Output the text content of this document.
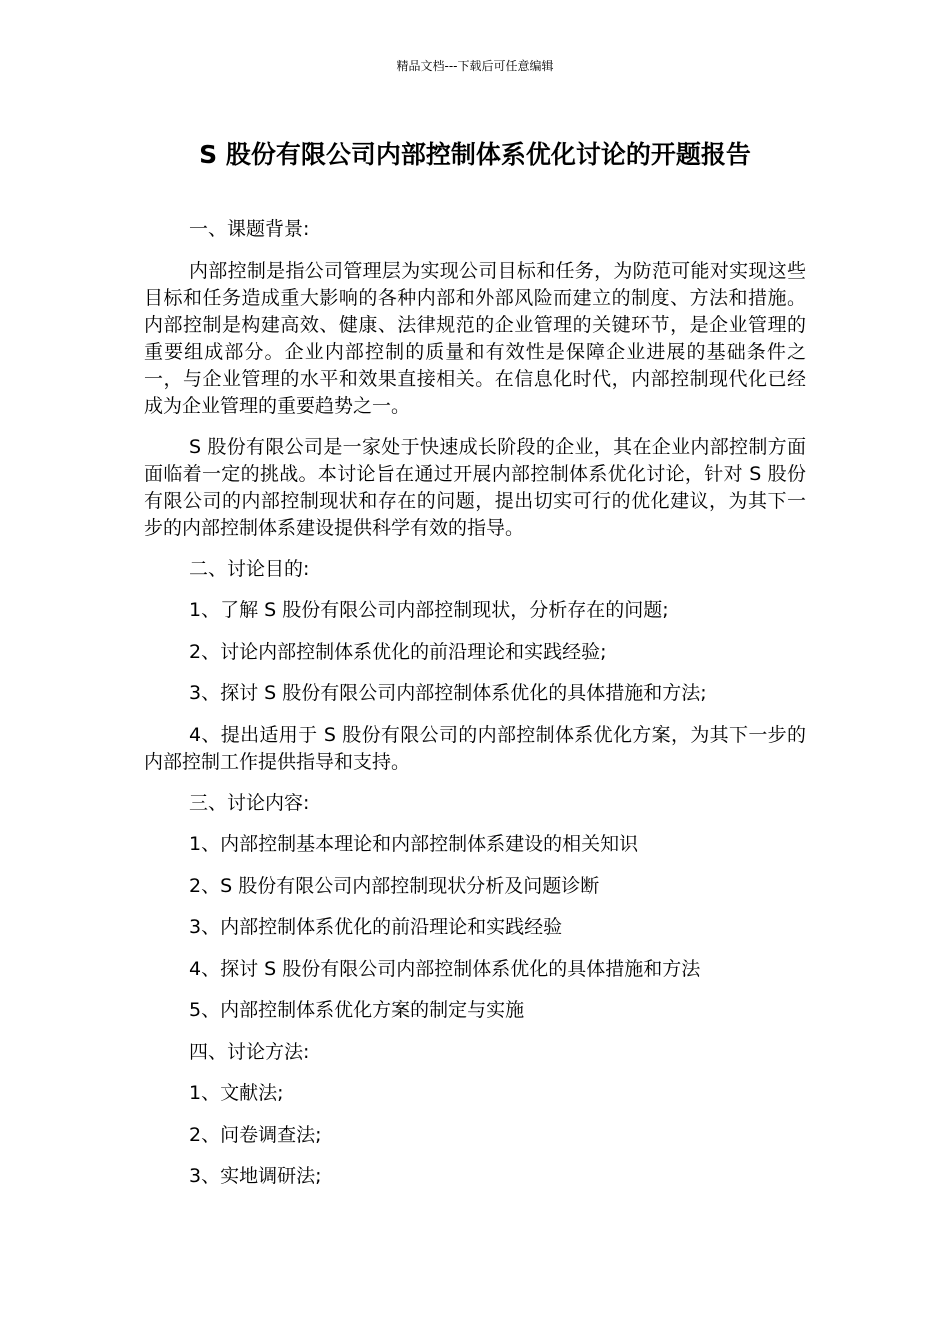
精品文档---下载后可任意编辑
S 股份有限公司内部控制体系优化讨论的开题报告

一、课题背景:

内部控制是指公司管理层为实现公司目标和任务，为防范可能对实现这些目标和任务造成重大影响的各种内部和外部风险而建立的制度、方法和措施。内部控制是构建高效、健康、法律规范的企业管理的关键环节，是企业管理的重要组成部分。企业内部控制的质量和有效性是保障企业进展的基础条件之一，与企业管理的水平和效果直接相关。在信息化时代，内部控制现代化已经成为企业管理的重要趋势之一。

S 股份有限公司是一家处于快速成长阶段的企业，其在企业内部控制方面面临着一定的挑战。本讨论旨在通过开展内部控制体系优化讨论，针对 S 股份有限公司的内部控制现状和存在的问题，提出切实可行的优化建议，为其下一步的内部控制体系建设提供科学有效的指导。

二、讨论目的:

1、了解 S 股份有限公司内部控制现状，分析存在的问题;

2、讨论内部控制体系优化的前沿理论和实践经验;

3、探讨 S 股份有限公司内部控制体系优化的具体措施和方法;

4、提出适用于 S 股份有限公司的内部控制体系优化方案，为其下一步的内部控制工作提供指导和支持。

三、讨论内容:

1、内部控制基本理论和内部控制体系建设的相关知识

2、S 股份有限公司内部控制现状分析及问题诊断

3、内部控制体系优化的前沿理论和实践经验

4、探讨 S 股份有限公司内部控制体系优化的具体措施和方法

5、内部控制体系优化方案的制定与实施

四、讨论方法:

1、文献法;

2、问卷调查法;

3、实地调研法;
